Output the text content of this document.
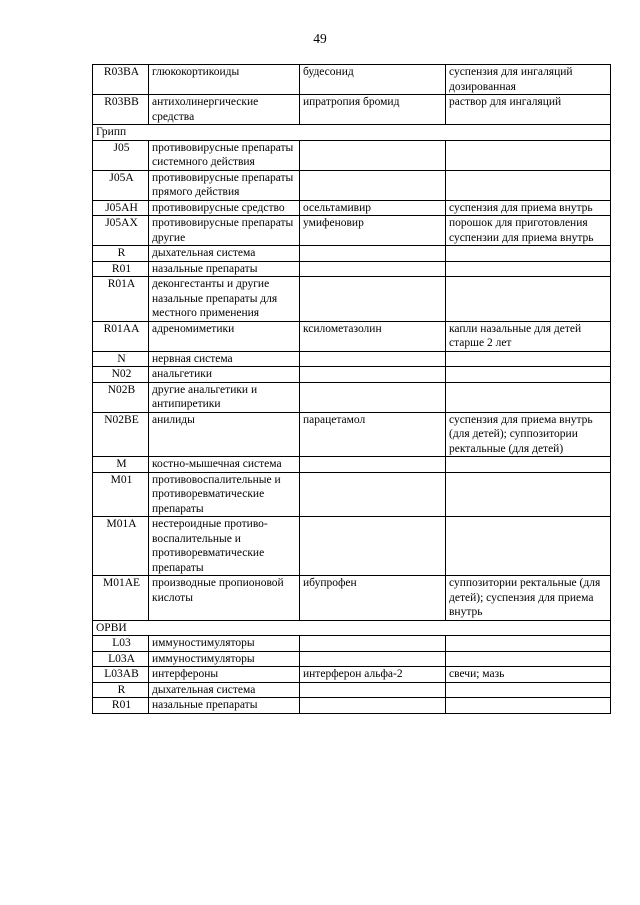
49
R03BA	глюкокортикоиды	будесонид	суспензия для ингаляций дозированная
R03BB	антихолинергические средства	ипратропия бромид	раствор для ингаляций
Грипп			
J05	противовирусные препараты системного действия		
J05A	противовирусные препараты прямого действия		
J05AH	противовирусные средство	осельтамивир	суспензия для приема внутрь
J05AX	противовирусные препараты другие	умифеновир	порошок для приготовления суспензии для приема внутрь
R	дыхательная система		
R01	назальные препараты		
R01A	деконгестанты и другие назальные препараты для местного применения		
R01AA	адреномиметики	ксилометазолин	капли назальные для детей старше 2 лет
N	нервная система		
N02	анальгетики		
N02B	другие анальгетики и антипиретики		
N02BE	анилиды	парацетамол	суспензия для приема внутрь (для детей); суппозитории ректальные (для детей)
M	костно-мышечная система		
M01	противовоспалительные и противоревматические препараты		
M01A	нестероидные противо-воспалительные и противоревматические препараты		
M01AE	производные пропионовой кислоты	ибупрофен	суппозитории ректальные (для детей); суспензия для приема внутрь
ОРВИ			
L03	иммуностимуляторы		
L03A	иммуностимуляторы		
L03AB	интерфероны	интерферон альфа-2	свечи; мазь
R	дыхательная система		
R01	назальные препараты		
